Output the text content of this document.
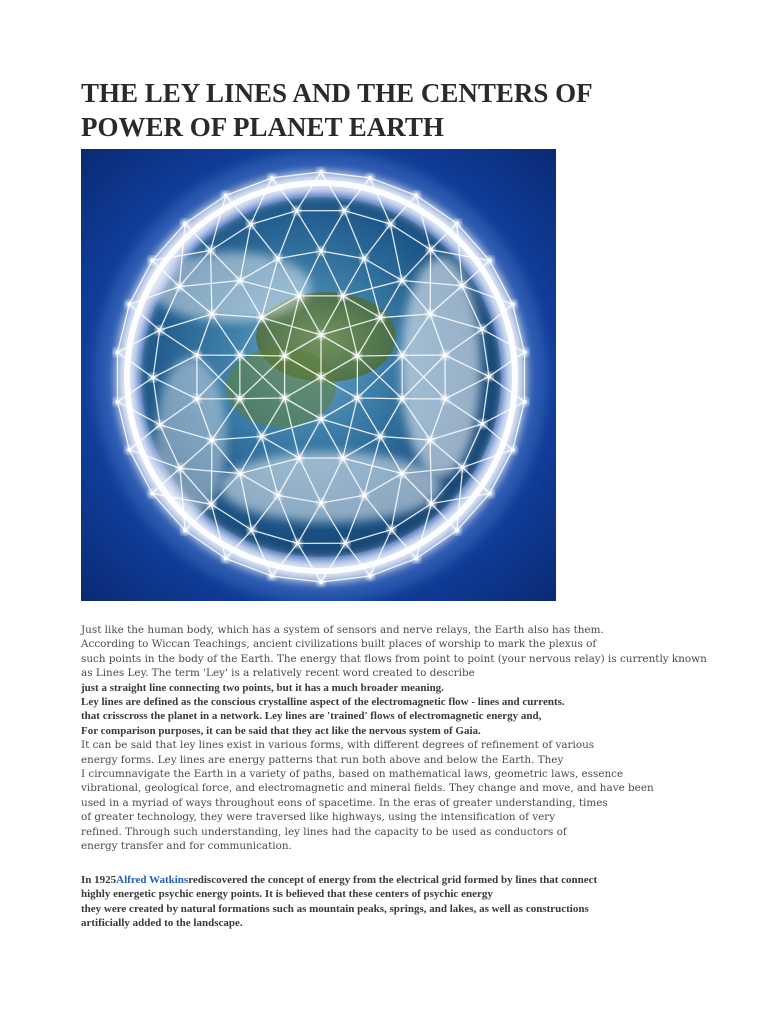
THE LEY LINES AND THE CENTERS OF
POWER OF PLANET EARTH
Just like the human body, which has a system of sensors and nerve relays, the Earth also has them.
According to Wiccan Teachings, ancient civilizations built places of worship to mark the plexus of
such points in the body of the Earth. The energy that flows from point to point (your nervous relay) is currently known
as Lines Ley. The term 'Ley' is a relatively recent word created to describe
just a straight line connecting two points, but it has a much broader meaning.
Ley lines are defined as the conscious crystalline aspect of the electromagnetic flow - lines and currents.
that crisscross the planet in a network. Ley lines are 'trained' flows of electromagnetic energy and,
For comparison purposes, it can be said that they act like the nervous system of Gaia.
It can be said that ley lines exist in various forms, with different degrees of refinement of various
energy forms. Ley lines are energy patterns that run both above and below the Earth. They
I circumnavigate the Earth in a variety of paths, based on mathematical laws, geometric laws, essence
vibrational, geological force, and electromagnetic and mineral fields. They change and move, and have been
used in a myriad of ways throughout eons of spacetime. In the eras of greater understanding, times
of greater technology, they were traversed like highways, using the intensification of very
refined. Through such understanding, ley lines had the capacity to be used as conductors of
energy transfer and for communication.
In 1925Alfred Watkinsrediscovered the concept of energy from the electrical grid formed by lines that connect
highly energetic psychic energy points. It is believed that these centers of psychic energy
they were created by natural formations such as mountain peaks, springs, and lakes, as well as constructions
artificially added to the landscape.
